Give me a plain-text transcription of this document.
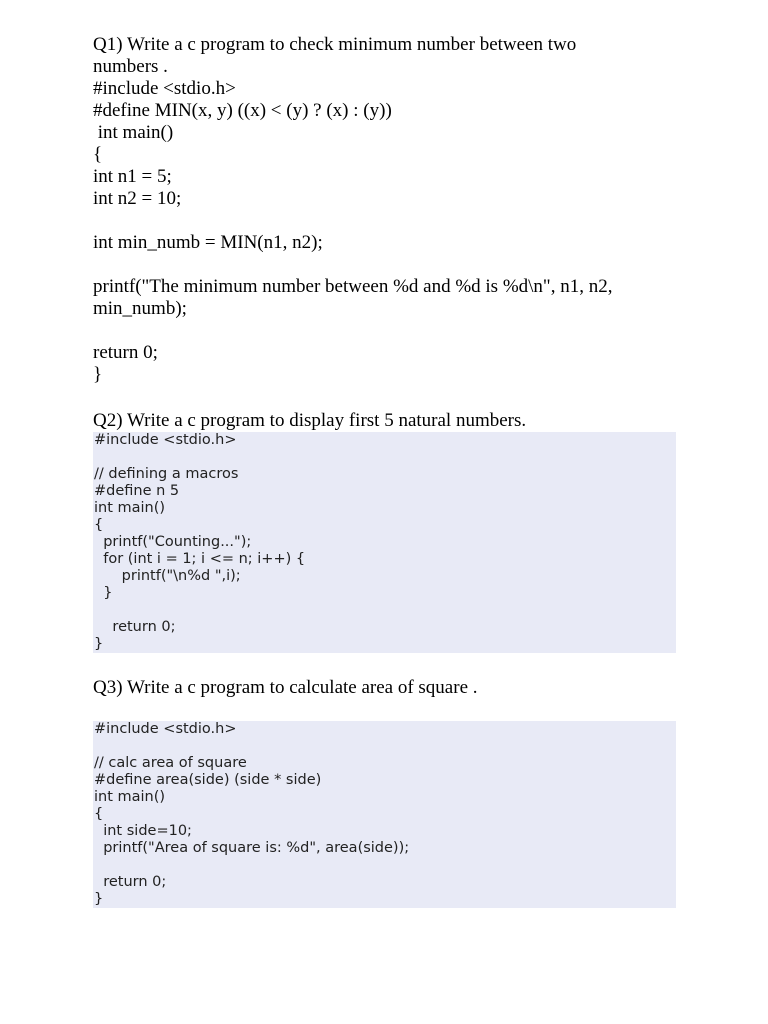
Q1) Write a c program to check minimum number between two
numbers .
#include <stdio.h>
#define MIN(x, y) ((x) < (y) ? (x) : (y))
int main()
{
int n1 = 5;
int n2 = 10;
int min_numb = MIN(n1, n2);
printf("The minimum number between %d and %d is %d\n", n1, n2,
min_numb);
return 0;
}
Q2) Write a c program to display first 5 natural numbers.
#include <stdio.h>
// defining a macros
#define n 5
int main()
{
printf("Counting...");
for (int i = 1; i <= n; i++) {
printf("\n%d ",i);
}
return 0;
}
Q3) Write a c program to calculate area of square .
#include <stdio.h>
// calc area of square
#define area(side) (side * side)
int main()
{
int side=10;
printf("Area of square is: %d", area(side));
return 0;
}
